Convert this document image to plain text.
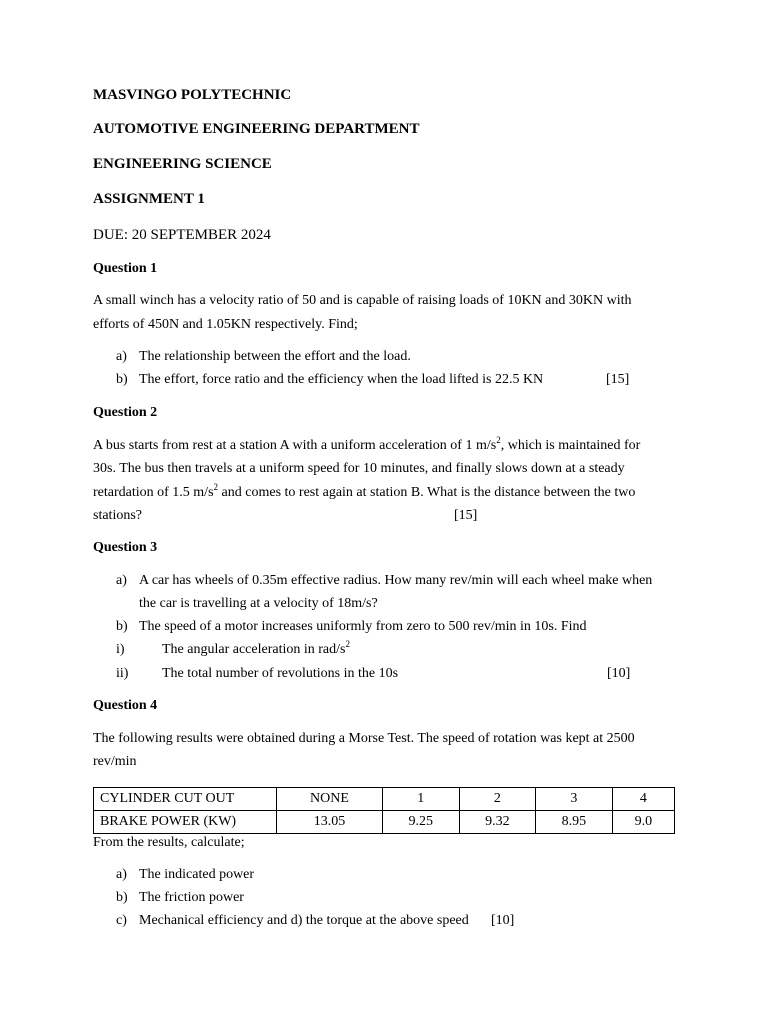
MASVINGO POLYTECHNIC
AUTOMOTIVE ENGINEERING DEPARTMENT
ENGINEERING SCIENCE
ASSIGNMENT 1
DUE: 20 SEPTEMBER 2024
Question 1
A small winch has a velocity ratio of 50 and is capable of raising loads of 10KN and 30KN with
efforts of 450N and 1.05KN respectively. Find;
a) The relationship between the effort and the load.
b) The effort, force ratio and the efficiency when the load lifted is 22.5 KN	[15]
Question 2
A bus starts from rest at a station A with a uniform acceleration of 1 $m/s^2$, which is maintained for
30s. The bus then travels at a uniform speed for 10 minutes, and finally slows down at a steady
retardation of 1.5 $m/s^2$ and comes to rest again at station B. What is the distance between the two
stations?	[15]
Question 3
a) A car has wheels of 0.35m effective radius. How many rev/min will each wheel make when
the car is travelling at a velocity of 18m/s?
b) The speed of a motor increases uniformly from zero to 500 rev/min in 10s. Find
i)	The angular acceleration in rad/$s^2$
ii) The total number of revolutions in the 10s	[10]
Question 4
The following results were obtained during a Morse Test. The speed of rotation was kept at 2500
rev/min
CYLINDER CUT OUT	NONE	1	2	3	4
BRAKE POWER (KW)	13.05	9.25	9.32	8.95	9.0
From the results, calculate;
a) The indicated power
b) The friction power
c) Mechanical efficiency and d) the torque at the above speed [10]
